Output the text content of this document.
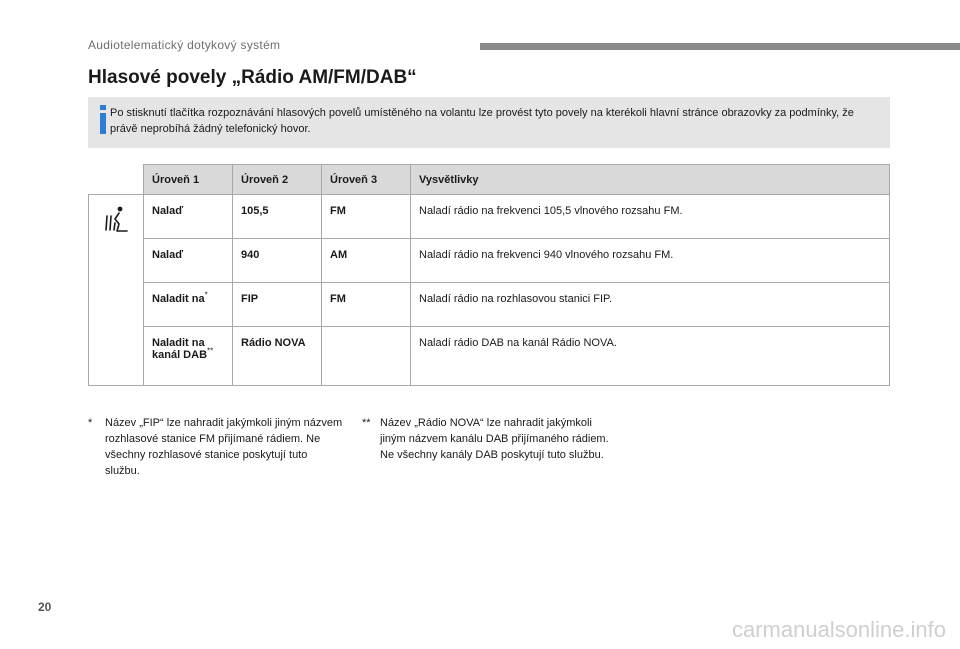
Audiotelematický dotykový systém
Hlasové povely „Rádio AM/FM/DAB“
Po stisknutí tlačítka rozpoznávání hlasových povelů umístěného na volantu lze provést tyto povely na kterékoli hlavní stránce obrazovky za podmínky, že právě neprobíhá žádný telefonický hovor.
	Úroveň 1	Úroveň 2	Úroveň 3	Vysvětlivky
	Nalaď	105,5	FM	Naladí rádio na frekvenci 105,5 vlnového rozsahu FM.
	Nalaď	940	AM	Naladí rádio na frekvenci 940 vlnového rozsahu FM.
	Naladit na*	FIP	FM	Naladí rádio na rozhlasovou stanici FIP.
	Naladit na
kanál DAB**	Rádio NOVA		Naladí rádio DAB na kanál Rádio NOVA.
* Název „FIP“ lze nahradit jakýmkoli jiným názvem rozhlasové stanice FM přijímané rádiem. Ne všechny rozhlasové stanice poskytují tuto službu.
** Název „Rádio NOVA“ lze nahradit jakýmkoli jiným názvem kanálu DAB přijímaného rádiem. Ne všechny kanály DAB poskytují tuto službu.
20
carmanualsonline.info
